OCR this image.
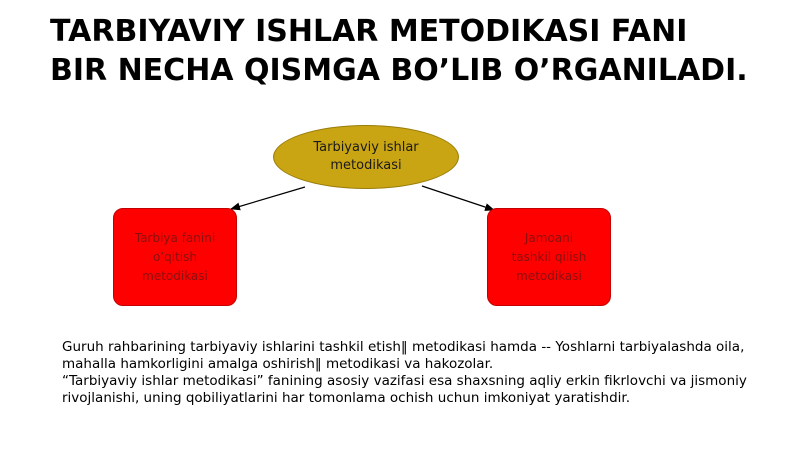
TARBIYAVIY ISHLAR METODIKASI FANI BIR NECHA QISMGA BO’LIB O’RGANILADI.
Tarbiyaviy ishlar
metodikasi
Tarbiya fanini
o’qitish
metodikasi
Jamoani
tashkil qilish
metodikasi

Guruh rahbarining tarbiyaviy ishlarini tashkil etish‖ metodikasi hamda -- Yoshlarni tarbiyalashda oila, mahalla hamkorligini amalga oshirish‖ metodikasi va hakozolar.

“Tarbiyaviy ishlar metodikasi” fanining asosiy vazifasi esa shaxsning aqliy erkin fikrlovchi va jismoniy rivojlanishi, uning qobiliyatlarini har tomonlama ochish uchun imkoniyat yaratishdir.
